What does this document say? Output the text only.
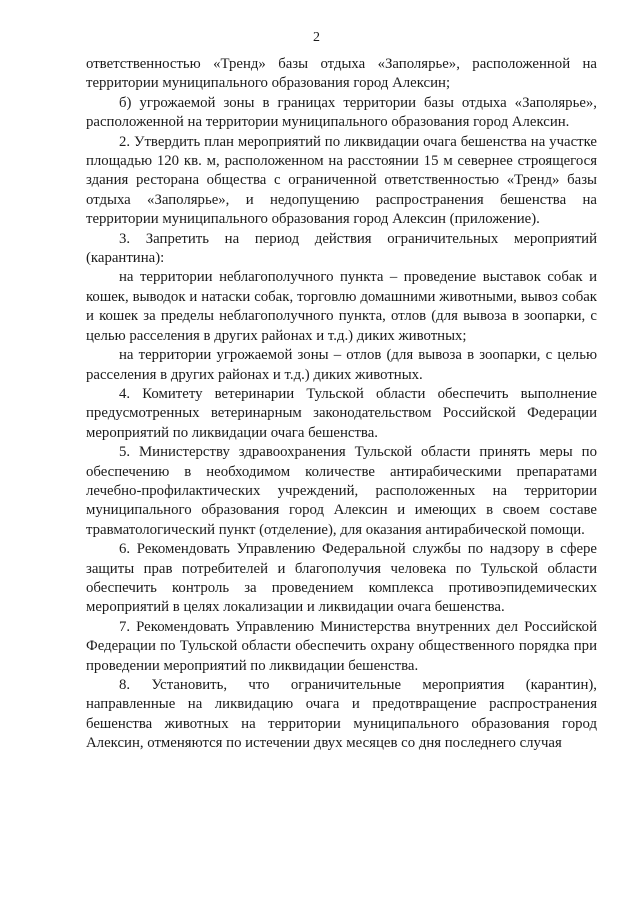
2

ответственностью «Тренд» базы отдыха «Заполярье», расположенной на территории муниципального образования город Алексин;

б) угрожаемой зоны в границах территории базы отдыха «Заполярье», расположенной на территории муниципального образования город Алексин.

2. Утвердить план мероприятий по ликвидации очага бешенства на участке площадью 120 кв. м, расположенном на расстоянии 15 м севернее строящегося здания ресторана общества с ограниченной ответственностью «Тренд» базы отдыха «Заполярье», и недопущению распространения бешенства на территории муниципального образования город Алексин (приложение).

3. Запретить на период действия ограничительных мероприятий (карантина):

на территории неблагополучного пункта – проведение выставок собак и кошек, выводок и натаски собак, торговлю домашними животными, вывоз собак и кошек за пределы неблагополучного пункта, отлов (для вывоза в зоопарки, с целью расселения в других районах и т.д.) диких животных;

на территории угрожаемой зоны – отлов (для вывоза в зоопарки, с целью расселения в других районах и т.д.) диких животных.

4. Комитету ветеринарии Тульской области обеспечить выполнение предусмотренных ветеринарным законодательством Российской Федерации мероприятий по ликвидации очага бешенства.

5. Министерству здравоохранения Тульской области принять меры по обеспечению в необходимом количестве антирабическими препаратами лечебно-профилактических учреждений, расположенных на территории муниципального образования город Алексин и имеющих в своем составе травматологический пункт (отделение), для оказания антирабической помощи.

6. Рекомендовать Управлению Федеральной службы по надзору в сфере защиты прав потребителей и благополучия человека по Тульской области обеспечить контроль за проведением комплекса противоэпидемических мероприятий в целях локализации и ликвидации очага бешенства.

7. Рекомендовать Управлению Министерства внутренних дел Российской Федерации по Тульской области обеспечить охрану общественного порядка при проведении мероприятий по ликвидации бешенства.

8. Установить, что ограничительные мероприятия (карантин), направленные на ликвидацию очага и предотвращение распространения бешенства животных на территории муниципального образования город Алексин, отменяются по истечении двух месяцев со дня последнего случая
